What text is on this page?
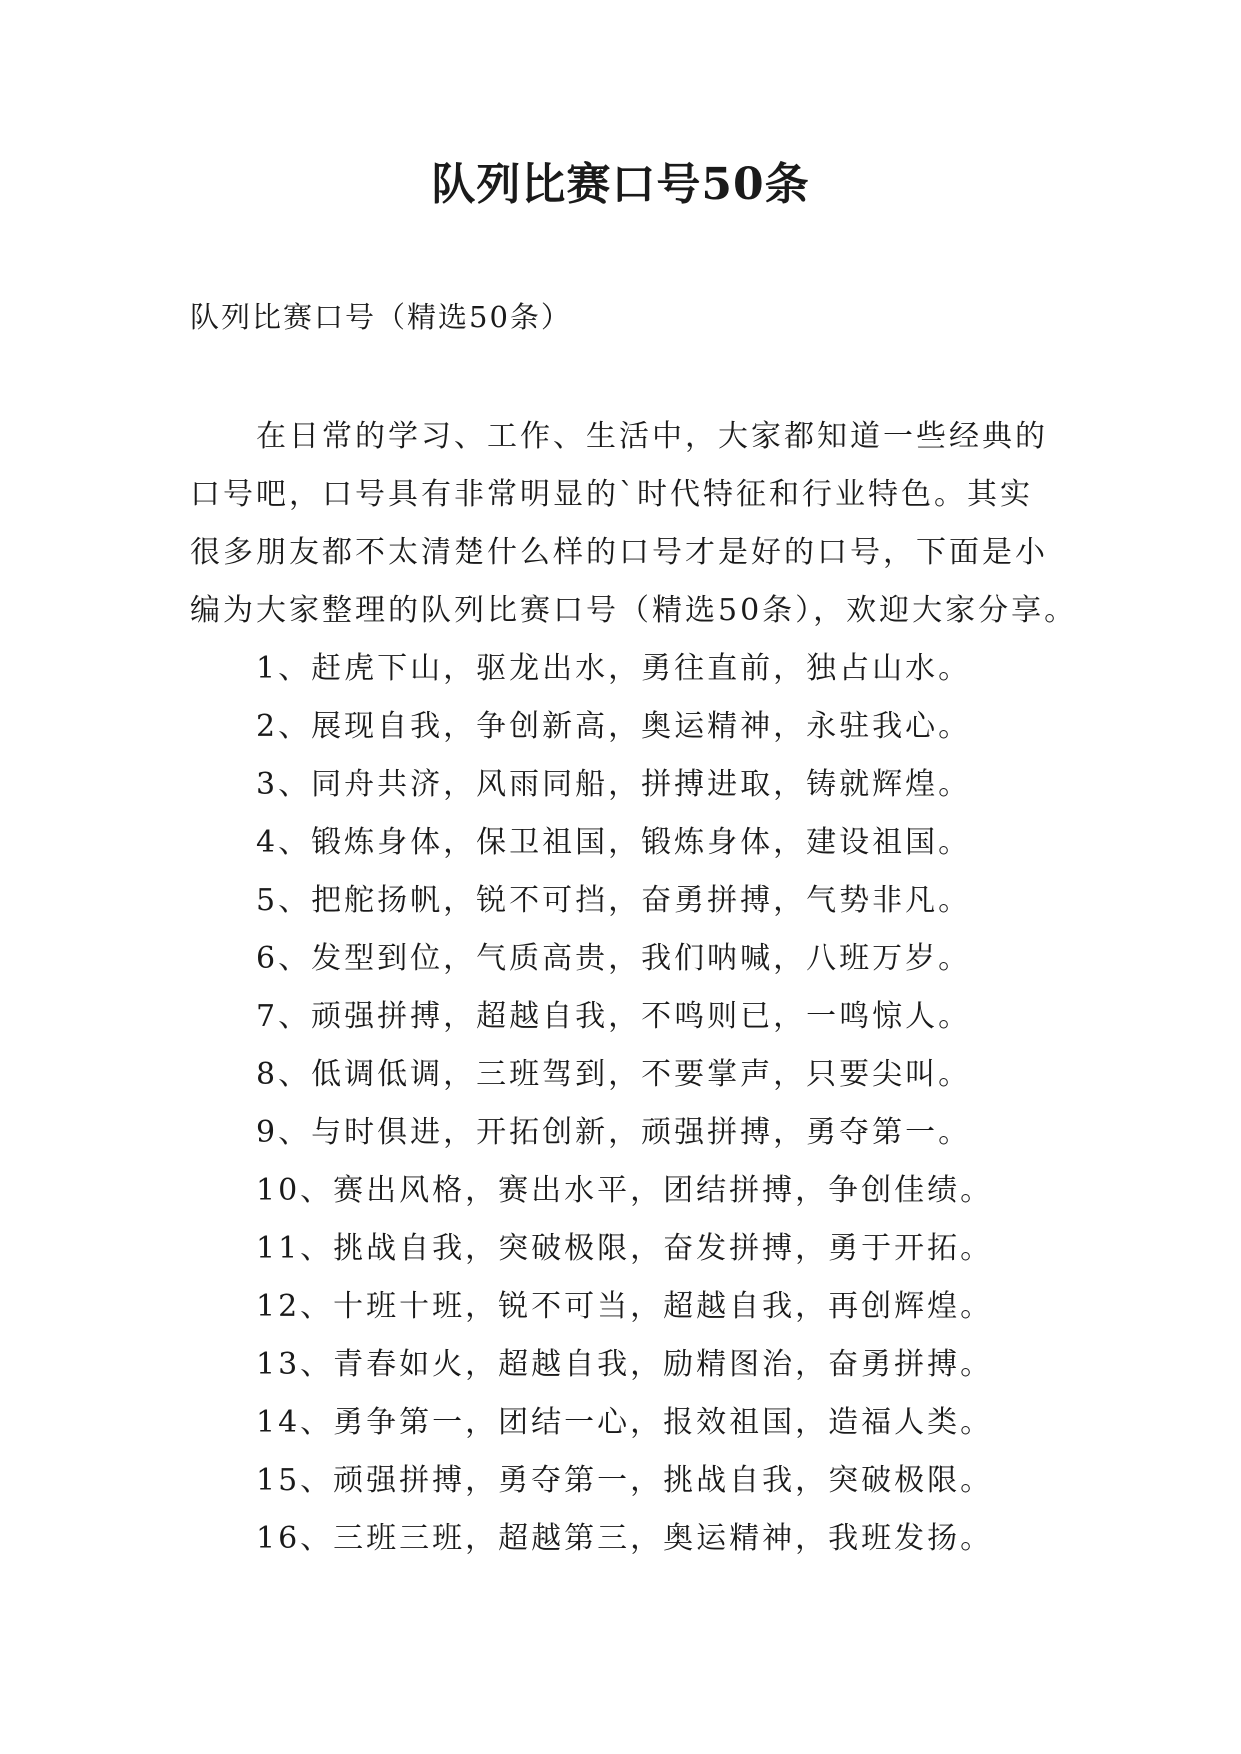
队列比赛口号50条
队列比赛口号（精选50条）
在日常的学习、工作、生活中，大家都知道一些经典的
口号吧，口号具有非常明显的`时代特征和行业特色。其实
很多朋友都不太清楚什么样的口号才是好的口号，下面是小
编为大家整理的队列比赛口号（精选50条），欢迎大家分享。
1、赶虎下山，驱龙出水，勇往直前，独占山水。
2、展现自我，争创新高，奥运精神，永驻我心。
3、同舟共济，风雨同船，拼搏进取，铸就辉煌。
4、锻炼身体，保卫祖国，锻炼身体，建设祖国。
5、把舵扬帆，锐不可挡，奋勇拼搏，气势非凡。
6、发型到位，气质高贵，我们呐喊，八班万岁。
7、顽强拼搏，超越自我，不鸣则已，一鸣惊人。
8、低调低调，三班驾到，不要掌声，只要尖叫。
9、与时俱进，开拓创新，顽强拼搏，勇夺第一。
10、赛出风格，赛出水平，团结拼搏，争创佳绩。
11、挑战自我，突破极限，奋发拼搏，勇于开拓。
12、十班十班，锐不可当，超越自我，再创辉煌。
13、青春如火，超越自我，励精图治，奋勇拼搏。
14、勇争第一，团结一心，报效祖国，造福人类。
15、顽强拼搏，勇夺第一，挑战自我，突破极限。
16、三班三班，超越第三，奥运精神，我班发扬。
